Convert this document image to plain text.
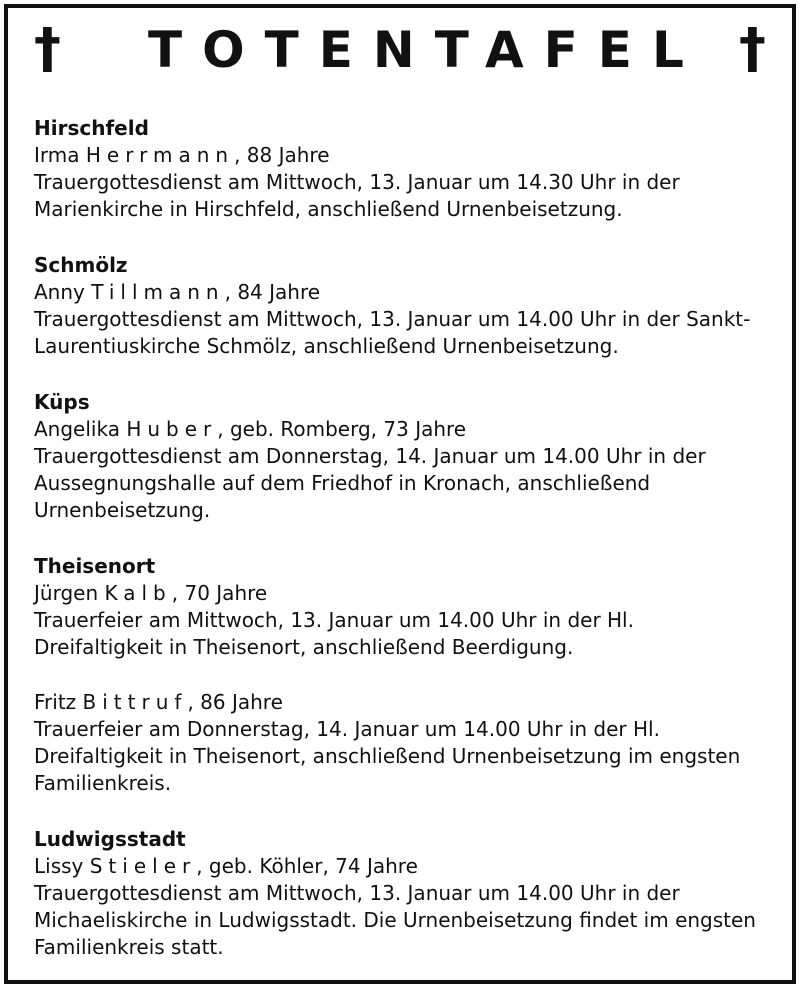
†	TOTENTAFEL †

Hirschfeld

Irma Herrmann, 88 Jahre

Trauergottesdienst am Mittwoch, 13. Januar um 14.30 Uhr in der

Marienkirche in Hirschfeld, anschließend Urnenbeisetzung.

Schmölz

Anny Tillmann, 84 Jahre

Trauergottesdienst am Mittwoch, 13. Januar um 14.00 Uhr in der Sankt-

Laurentiuskirche Schmölz, anschließend Urnenbeisetzung.

Küps

Angelika Huber, geb. Romberg, 73 Jahre

Trauergottesdienst am Donnerstag, 14. Januar um 14.00 Uhr in der

Aussegnungshalle auf dem Friedhof in Kronach, anschließend

Urnenbeisetzung.

Theisenort

Jürgen Kalb, 70 Jahre

Trauerfeier am Mittwoch, 13. Januar um 14.00 Uhr in der Hl.

Dreifaltigkeit in Theisenort, anschließend Beerdigung.

Fritz Bittruf, 86 Jahre

Trauerfeier am Donnerstag, 14. Januar um 14.00 Uhr in der Hl.

Dreifaltigkeit in Theisenort, anschließend Urnenbeisetzung im engsten

Familienkreis.

Ludwigsstadt

Lissy Stieler, geb. Köhler, 74 Jahre

Trauergottesdienst am Mittwoch, 13. Januar um 14.00 Uhr in der

Michaeliskirche in Ludwigsstadt. Die Urnenbeisetzung findet im engsten

Familienkreis statt.
